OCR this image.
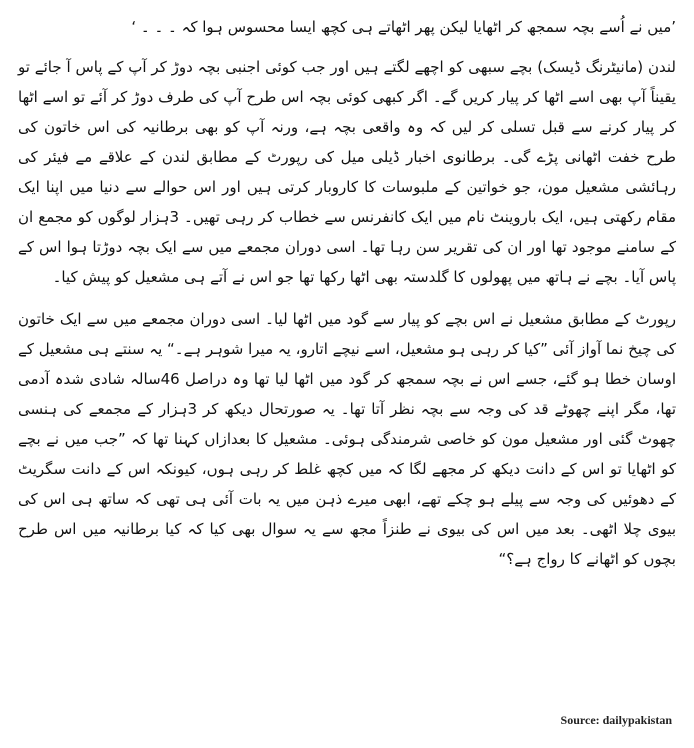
’میں نے اُسے بچہ سمجھ کر اٹھایا لیکن پھر اٹھاتے ہی کچھ ایسا محسوس ہوا کہ ۔ ۔ ۔ ‘

لندن (مانیٹرنگ ڈیسک) بچے سبھی کو اچھے لگتے ہیں اور جب کوئی اجنبی بچہ دوڑ کر آپ کے پاس آ جائے تو یقیناً آپ بھی اسے اٹھا کر پیار کریں گے۔ اگر کبھی کوئی بچہ اس طرح آپ کی طرف دوڑ کر آئے تو اسے اٹھا کر پیار کرنے سے قبل تسلی کر لیں کہ وہ واقعی بچہ ہے، ورنہ آپ کو بھی برطانیہ کی اس خاتون کی طرح خفت اٹھانی پڑے گی۔ برطانوی اخبار ڈیلی میل کی رپورٹ کے مطابق لندن کے علاقے مے فیئر کی رہائشی مشعیل مون، جو خواتین کے ملبوسات کا کاروبار کرتی ہیں اور اس حوالے سے دنیا میں اپنا ایک مقام رکھتی ہیں، ایک باروینٹ نام میں ایک کانفرنس سے خطاب کر رہی تھیں۔ 3ہزار لوگوں کو مجمع ان کے سامنے موجود تھا اور ان کی تقریر سن رہا تھا۔ اسی دوران مجمعے میں سے ایک بچہ دوڑتا ہوا اس کے پاس آیا۔ بچے نے ہاتھ میں پھولوں کا گلدستہ بھی اٹھا رکھا تھا جو اس نے آتے ہی مشعیل کو پیش کیا۔

رپورٹ کے مطابق مشعیل نے اس بچے کو پیار سے گود میں اٹھا لیا۔ اسی دوران مجمعے میں سے ایک خاتون کی چیخ نما آواز آئی ”کیا کر رہی ہو مشعیل، اسے نیچے اتارو، یہ میرا شوہر ہے۔“ یہ سنتے ہی مشعیل کے اوسان خطا ہو گئے، جسے اس نے بچہ سمجھ کر گود میں اٹھا لیا تھا وہ دراصل 46سالہ شادی شدہ آدمی تھا، مگر اپنے چھوٹے قد کی وجہ سے بچہ نظر آتا تھا۔ یہ صورتحال دیکھ کر 3ہزار کے مجمعے کی ہنسی چھوٹ گئی اور مشعیل مون کو خاصی شرمندگی ہوئی۔ مشعیل کا بعدازاں کہنا تھا کہ ”جب میں نے بچے کو اٹھایا تو اس کے دانت دیکھ کر مجھے لگا کہ میں کچھ غلط کر رہی ہوں، کیونکہ اس کے دانت سگریٹ کے دھوئیں کی وجہ سے پیلے ہو چکے تھے، ابھی میرے ذہن میں یہ بات آئی ہی تھی کہ ساتھ ہی اس کی بیوی چلا اٹھی۔ بعد میں اس کی بیوی نے طنزاً مجھ سے یہ سوال بھی کیا کہ کیا برطانیہ میں اس طرح بچوں کو اٹھانے کا رواج ہے؟“

Source: dailypakistan
